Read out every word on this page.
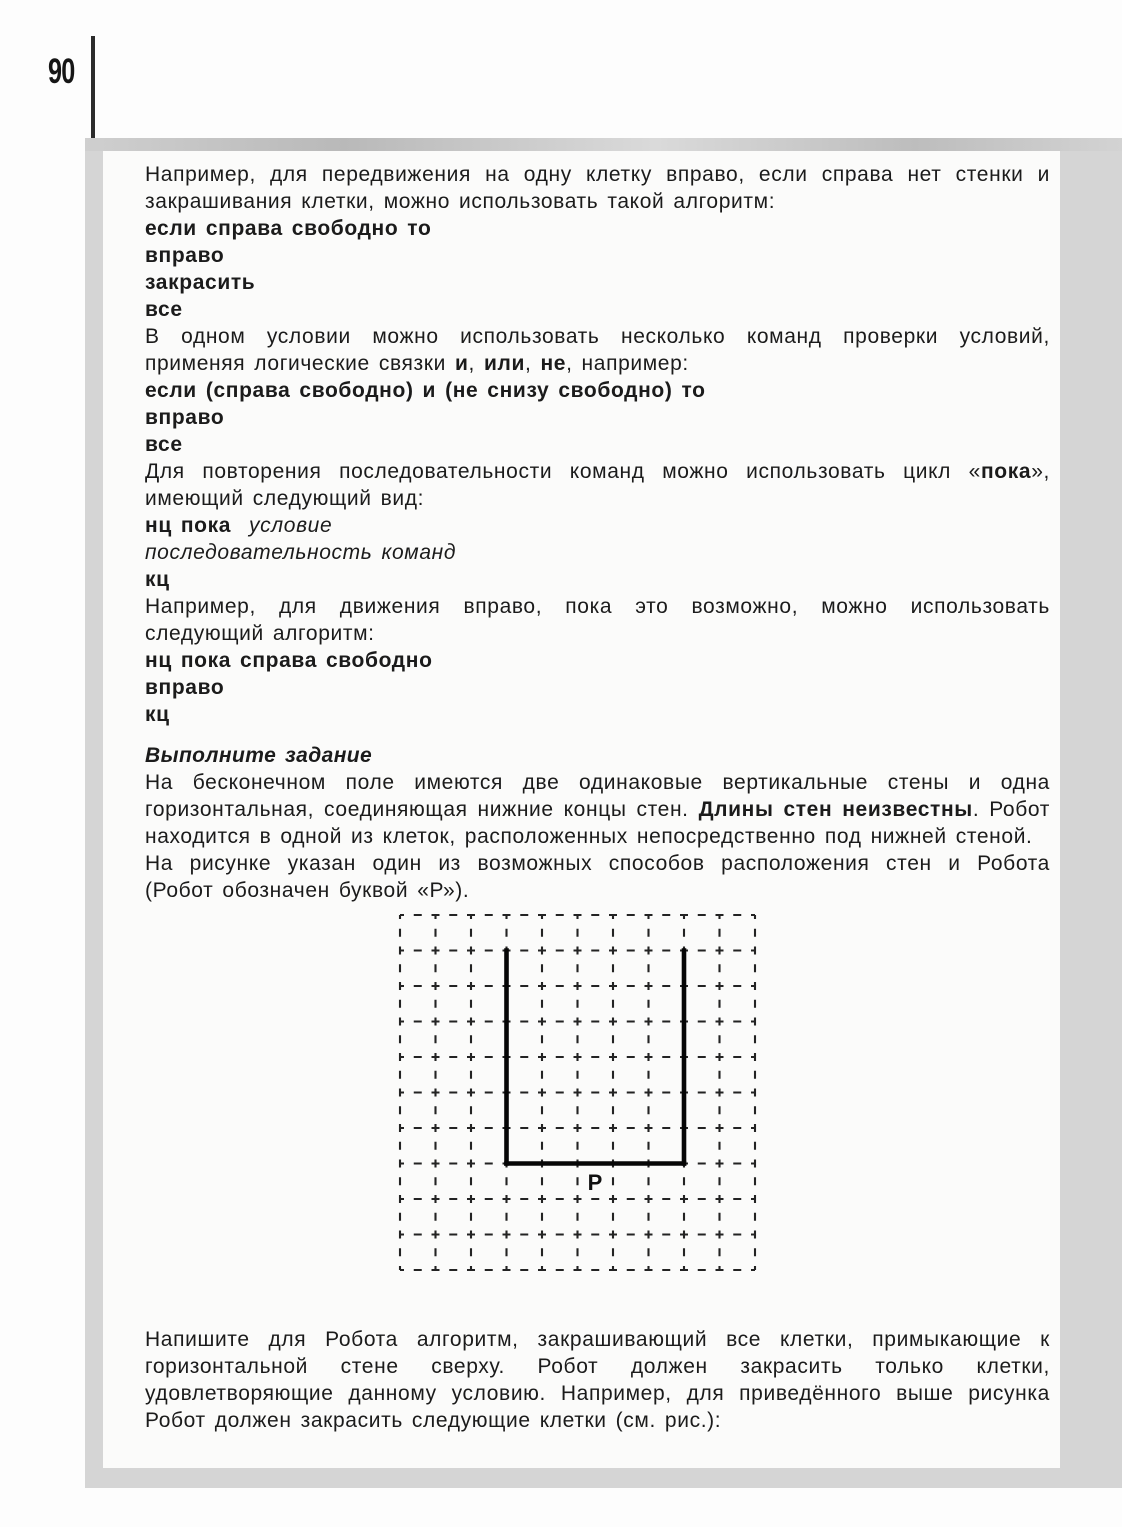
90
Например, для передвижения на одну клетку вправо, если справа нет стенки и закрашивания клетки, можно использовать такой алгоритм:
если справа свободно то
вправо
закрасить
все
В одном условии можно использовать несколько команд проверки условий, применяя логические связки и, или, не, например:
если (справа свободно) и (не снизу свободно) то
вправо
все
Для повторения последовательности команд можно использовать цикл «пока», имеющий следующий вид:
нц пока условие
последовательность команд
кц
Например, для движения вправо, пока это возможно, можно использовать следующий алгоритм:
нц пока справа свободно
вправо
кц
Выполните задание
На бесконечном поле имеются две одинаковые вертикальные стены и одна горизонтальная, соединяющая нижние концы стен. Длины стен неизвестны. Робот находится в одной из клеток, расположенных непосредственно под нижней стеной.
На рисунке указан один из возможных способов расположения стен и Робота (Робот обозначен буквой «Р»).
Р
Напишите для Робота алгоритм, закрашивающий все клетки, примыкающие к горизонтальной стене сверху. Робот должен закрасить только клетки, удовлетворяющие данному условию. Например, для приведённого выше рисунка Робот должен закрасить следующие клетки (см. рис.):
